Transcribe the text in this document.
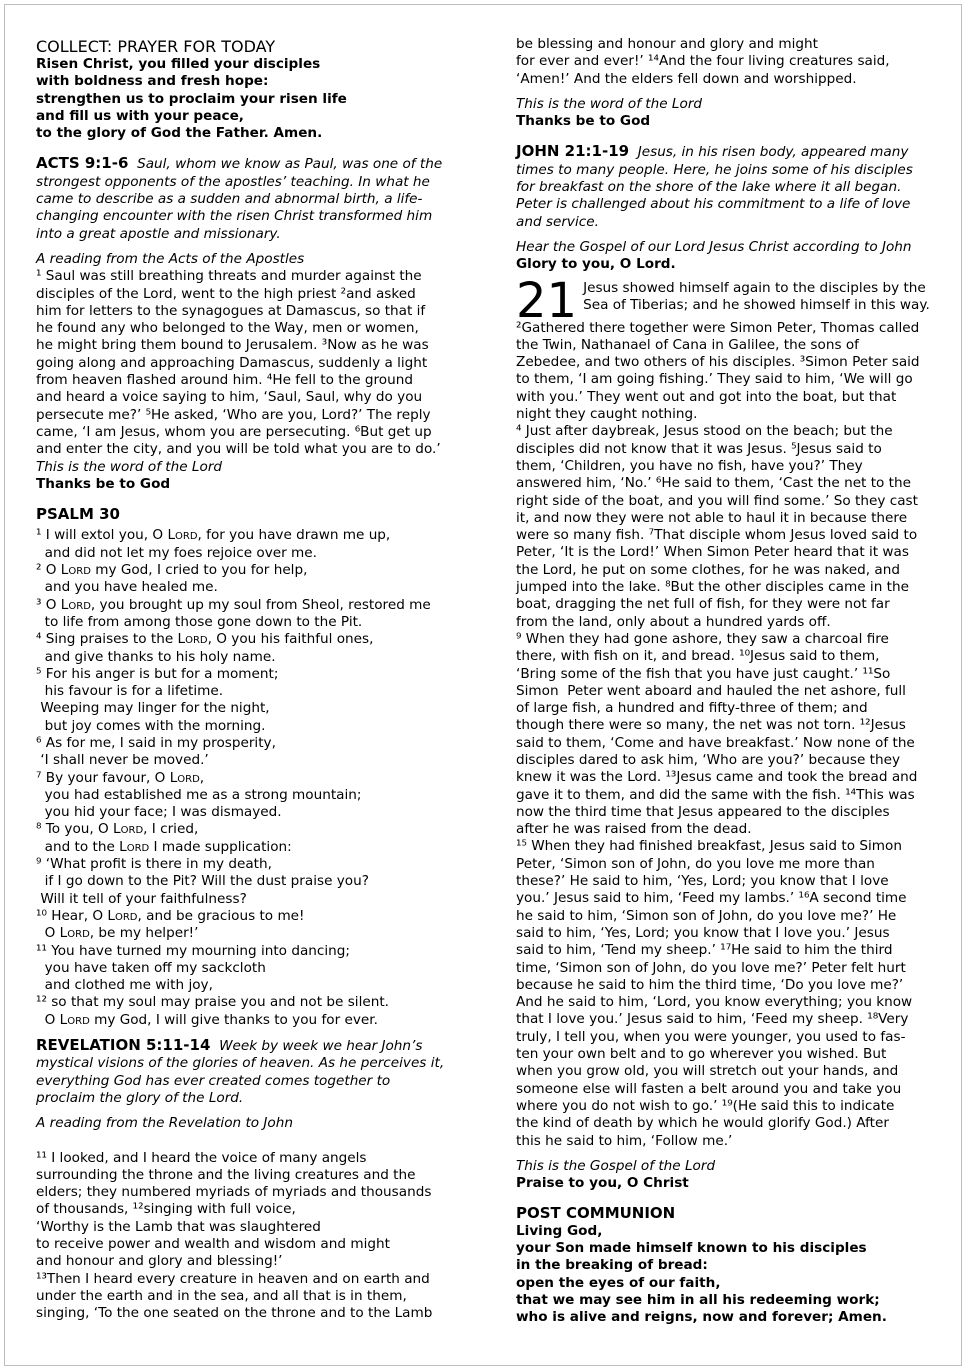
COLLECT: PRAYER FOR TODAY

Risen Christ, you filled your disciples
with boldness and fresh hope:
strengthen us to proclaim your risen life
and fill us with your peace,
to the glory of God the Father. Amen.
ACTS 9:1-6 Saul, whom we know as Paul, was one of the
strongest opponents of the apostles’ teaching. In what he
came to describe as a sudden and abnormal birth, a life-
changing encounter with the risen Christ transformed him
into a great apostle and missionary.

A reading from the Acts of the Apostles

¹ Saul was still breathing threats and murder against the
disciples of the Lord, went to the high priest ²and asked
him for letters to the synagogues at Damascus, so that if
he found any who belonged to the Way, men or women,
he might bring them bound to Jerusalem. ³Now as he was
going along and approaching Damascus, suddenly a light
from heaven flashed around him. ⁴He fell to the ground
and heard a voice saying to him, ‘Saul, Saul, why do you
persecute me?’ ⁵He asked, ‘Who are you, Lord?’ The reply
came, ‘I am Jesus, whom you are persecuting. ⁶But get up
and enter the city, and you will be told what you are to do.’

This is the word of the Lord

Thanks be to God

PSALM 30

¹ I will extol you, O Lord, for you have drawn me up,
and did not let my foes rejoice over me.
² O Lord my God, I cried to you for help,
and you have healed me.
³ O Lord, you brought up my soul from Sheol, restored me
to life from among those gone down to the Pit.
⁴ Sing praises to the Lord, O you his faithful ones,
and give thanks to his holy name.
⁵ For his anger is but for a moment;
his favour is for a lifetime.
Weeping may linger for the night,
but joy comes with the morning.
⁶ As for me, I said in my prosperity,
‘I shall never be moved.’
⁷ By your favour, O Lord,
you had established me as a strong mountain;
you hid your face; I was dismayed.
⁸ To you, O Lord, I cried,
and to the Lord I made supplication:
⁹ ‘What profit is there in my death,
if I go down to the Pit? Will the dust praise you?
Will it tell of your faithfulness?
¹⁰ Hear, O Lord, and be gracious to me!
O Lord, be my helper!’
¹¹ You have turned my mourning into dancing;
you have taken off my sackcloth
and clothed me with joy,
¹² so that my soul may praise you and not be silent.
O Lord my God, I will give thanks to you for ever.
REVELATION 5:11-14 Week by week we hear John’s
mystical visions of the glories of heaven. As he perceives it,
everything God has ever created comes together to
proclaim the glory of the Lord.

A reading from the Revelation to John

¹¹ I looked, and I heard the voice of many angels
surrounding the throne and the living creatures and the
elders; they numbered myriads of myriads and thousands
of thousands, ¹²singing with full voice,
‘Worthy is the Lamb that was slaughtered
to receive power and wealth and wisdom and might
and honour and glory and blessing!’
¹³Then I heard every creature in heaven and on earth and
under the earth and in the sea, and all that is in them,
singing, ‘To the one seated on the throne and to the Lamb
be blessing and honour and glory and might
for ever and ever!’ ¹⁴And the four living creatures said,
‘Amen!’ And the elders fell down and worshipped.

This is the word of the Lord

Thanks be to God

JOHN 21:1-19 Jesus, in his risen body, appeared many
times to many people. Here, he joins some of his disciples
for breakfast on the shore of the lake where it all began.
Peter is challenged about his commitment to a life of love
and service.

Hear the Gospel of our Lord Jesus Christ according to John

Glory to you, O Lord.

21 Jesus showed himself again to the disciples by the
Sea of Tiberias; and he showed himself in this way.
²Gathered there together were Simon Peter, Thomas called
the Twin, Nathanael of Cana in Galilee, the sons of
Zebedee, and two others of his disciples. ³Simon Peter said
to them, ‘I am going fishing.’ They said to him, ‘We will go
with you.’ They went out and got into the boat, but that
night they caught nothing.
⁴ Just after daybreak, Jesus stood on the beach; but the
disciples did not know that it was Jesus. ⁵Jesus said to
them, ‘Children, you have no fish, have you?’ They
answered him, ‘No.’ ⁶He said to them, ‘Cast the net to the
right side of the boat, and you will find some.’ So they cast
it, and now they were not able to haul it in because there
were so many fish. ⁷That disciple whom Jesus loved said to
Peter, ‘It is the Lord!’ When Simon Peter heard that it was
the Lord, he put on some clothes, for he was naked, and
jumped into the lake. ⁸But the other disciples came in the
boat, dragging the net full of fish, for they were not far
from the land, only about a hundred yards off.
⁹ When they had gone ashore, they saw a charcoal fire
there, with fish on it, and bread. ¹⁰Jesus said to them,
‘Bring some of the fish that you have just caught.’ ¹¹So
Simon  Peter went aboard and hauled the net ashore, full
of large fish, a hundred and fifty-three of them; and
though there were so many, the net was not torn. ¹²Jesus
said to them, ‘Come and have breakfast.’ Now none of the
disciples dared to ask him, ‘Who are you?’ because they
knew it was the Lord. ¹³Jesus came and took the bread and
gave it to them, and did the same with the fish. ¹⁴This was
now the third time that Jesus appeared to the disciples
after he was raised from the dead.
¹⁵ When they had finished breakfast, Jesus said to Simon
Peter, ‘Simon son of John, do you love me more than
these?’ He said to him, ‘Yes, Lord; you know that I love
you.’ Jesus said to him, ‘Feed my lambs.’ ¹⁶A second time
he said to him, ‘Simon son of John, do you love me?’ He
said to him, ‘Yes, Lord; you know that I love you.’ Jesus
said to him, ‘Tend my sheep.’ ¹⁷He said to him the third
time, ‘Simon son of John, do you love me?’ Peter felt hurt
because he said to him the third time, ‘Do you love me?’
And he said to him, ‘Lord, you know everything; you know
that I love you.’ Jesus said to him, ‘Feed my sheep. ¹⁸Very
truly, I tell you, when you were younger, you used to fas-
ten your own belt and to go wherever you wished. But
when you grow old, you will stretch out your hands, and
someone else will fasten a belt around you and take you
where you do not wish to go.’ ¹⁹(He said this to indicate
the kind of death by which he would glorify God.) After
this he said to him, ‘Follow me.’

This is the Gospel of the Lord

Praise to you, O Christ

POST COMMUNION

Living God,
your Son made himself known to his disciples
in the breaking of bread:
open the eyes of our faith,
that we may see him in all his redeeming work;
who is alive and reigns, now and forever; Amen.
